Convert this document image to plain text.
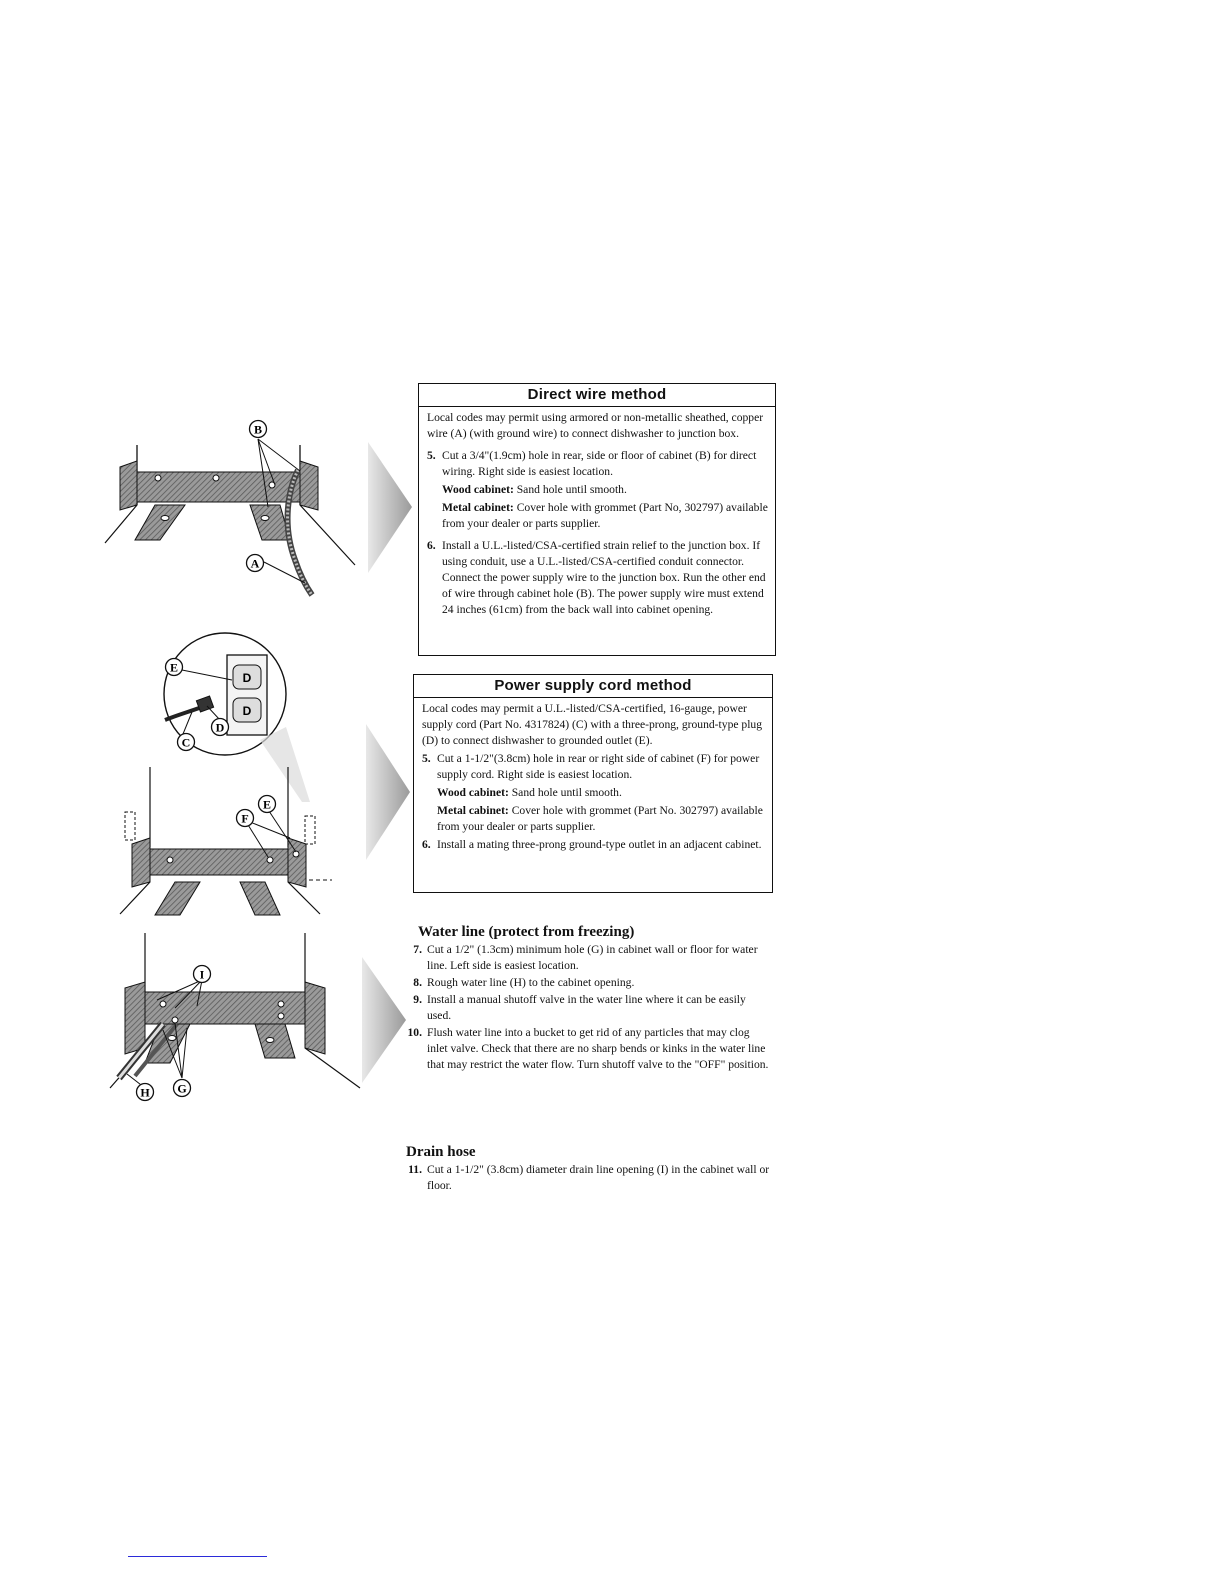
B
A
D
D
E
D
C
E
F
I
G
H
Direct wire method

Local codes may permit using armored or non-metallic sheathed, copper wire (A) (with ground wire) to connect dishwasher to junction box.

5. Cut a 3/4"(1.9cm) hole in rear, side or floor of cabinet (B) for direct wiring. Right side is easiest location.
Wood cabinet: Sand hole until smooth.
Metal cabinet: Cover hole with grommet (Part No, 302797) available from your dealer or parts supplier.
6. Install a U.L.-listed/CSA-certified strain relief to the junction box. If using conduit, use a U.L.-listed/CSA-certified conduit connector. Connect the power supply wire to the junction box. Run the other end of wire through cabinet hole (B). The power supply wire must extend 24 inches (61cm) from the back wall into cabinet opening.
Power supply cord method

Local codes may permit a U.L.-listed/CSA-certified, 16-gauge, power supply cord (Part No. 4317824) (C) with a three-prong, ground-type plug (D) to connect dishwasher to grounded outlet (E).

5. Cut a 1-1/2"(3.8cm) hole in rear or right side of cabinet (F) for power supply cord. Right side is easiest location.
Wood cabinet: Sand hole until smooth.
Metal cabinet: Cover hole with grommet (Part No. 302797) available from your dealer or parts supplier.
6. Install a mating three-prong ground-type outlet in an adjacent cabinet.
Water line (protect from freezing)
7. Cut a 1/2" (1.3cm) minimum hole (G) in cabinet wall or floor for water line. Left side is easiest location.
8. Rough water line (H) to the cabinet opening.
9. Install a manual shutoff valve in the water line where it can be easily used.
10. Flush water line into a bucket to get rid of any particles that may clog inlet valve. Check that there are no sharp bends or kinks in the water line that may restrict the water flow. Turn shutoff valve to the "OFF" position.
Drain hose
11. Cut a 1-1/2" (3.8cm) diameter drain line opening (I) in the cabinet wall or floor.
